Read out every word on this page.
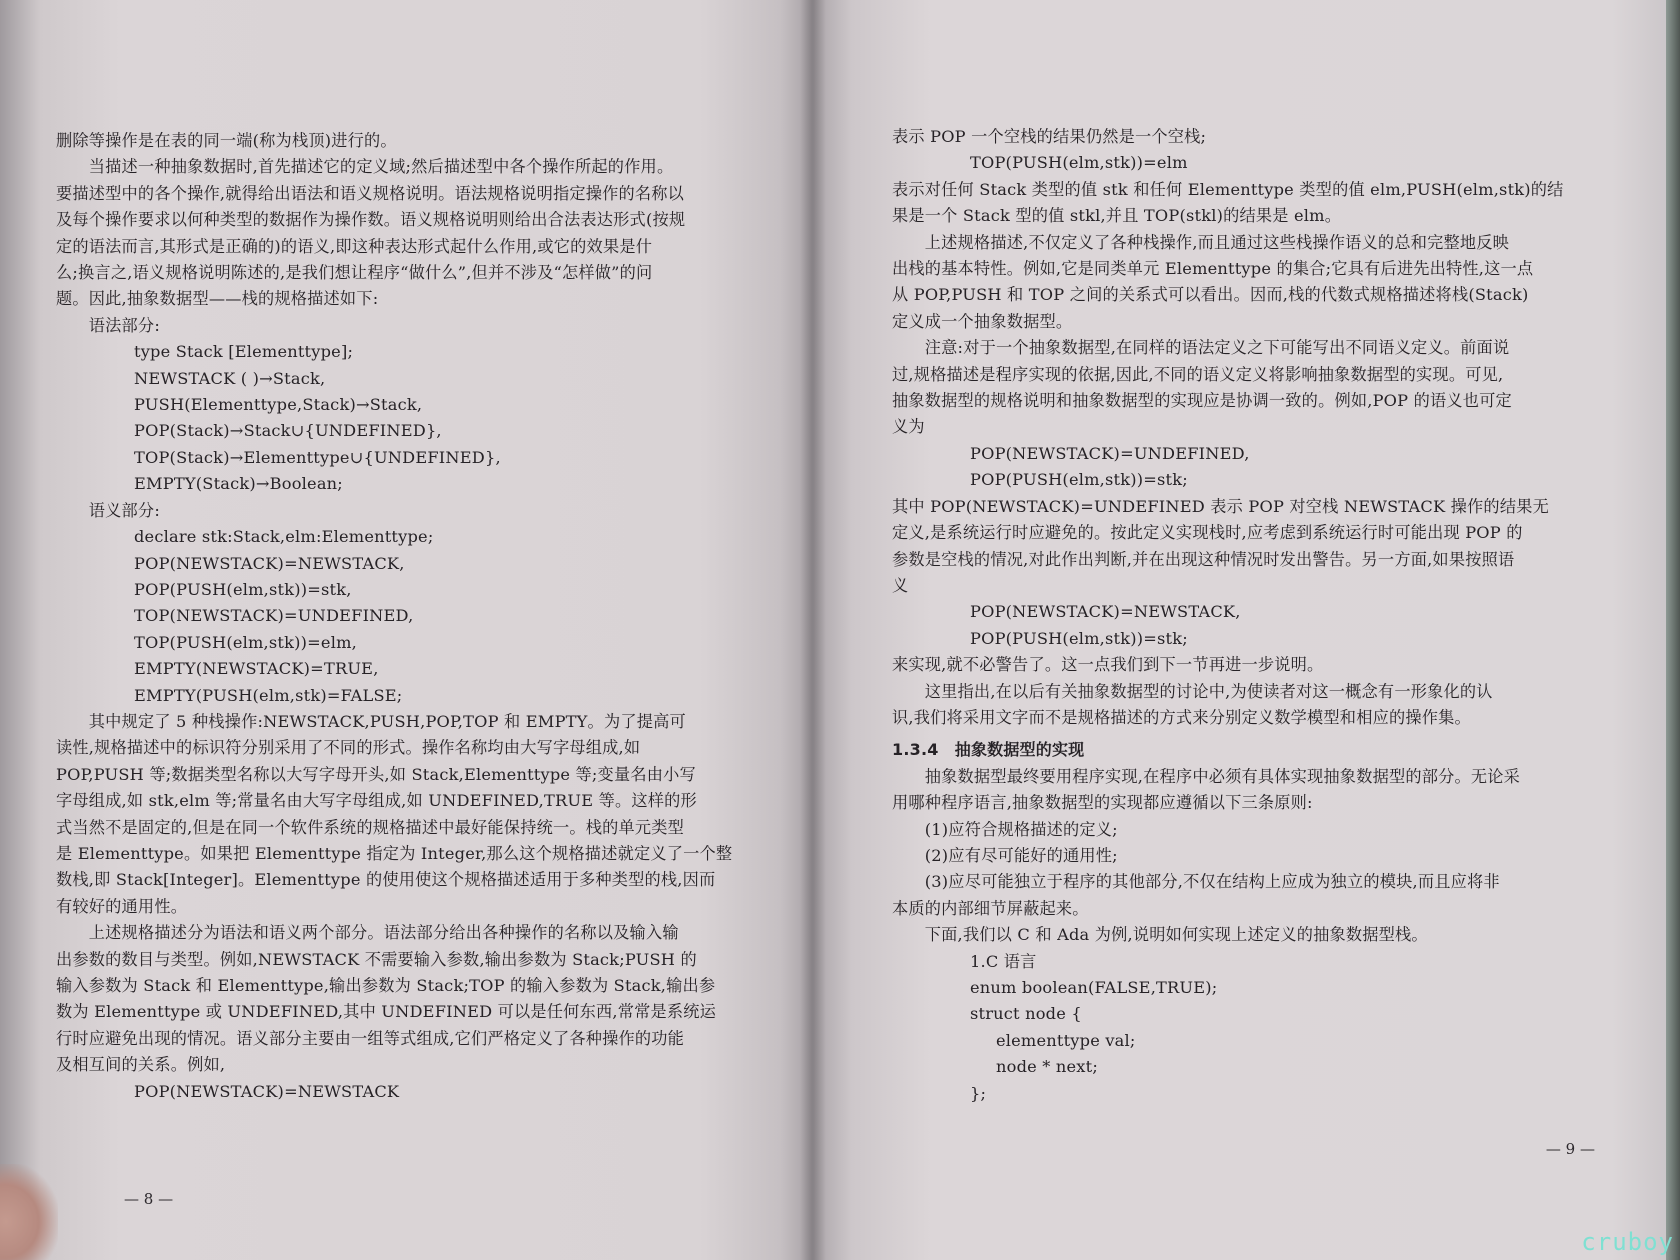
删除等操作是在表的同一端(称为栈顶)进行的。
　　当描述一种抽象数据时,首先描述它的定义域;然后描述型中各个操作所起的作用。
要描述型中的各个操作,就得给出语法和语义规格说明。语法规格说明指定操作的名称以
及每个操作要求以何种类型的数据作为操作数。语义规格说明则给出合法表达形式(按规
定的语法而言,其形式是正确的)的语义,即这种表达形式起什么作用,或它的效果是什
么;换言之,语义规格说明陈述的,是我们想让程序“做什么”,但并不涉及“怎样做”的问
题。因此,抽象数据型——栈的规格描述如下:
　　语法部分:
type Stack [Elementtype];
NEWSTACK ( )→Stack,
PUSH(Elementtype,Stack)→Stack,
POP(Stack)→Stack∪{UNDEFINED},
TOP(Stack)→Elementtype∪{UNDEFINED},
EMPTY(Stack)→Boolean;
　　语义部分:
declare stk:Stack,elm:Elementtype;
POP(NEWSTACK)=NEWSTACK,
POP(PUSH(elm,stk))=stk,
TOP(NEWSTACK)=UNDEFINED,
TOP(PUSH(elm,stk))=elm,
EMPTY(NEWSTACK)=TRUE,
EMPTY(PUSH(elm,stk)=FALSE;
　　其中规定了 5 种栈操作:NEWSTACK,PUSH,POP,TOP 和 EMPTY。为了提高可
读性,规格描述中的标识符分别采用了不同的形式。操作名称均由大写字母组成,如
POP,PUSH 等;数据类型名称以大写字母开头,如 Stack,Elementtype 等;变量名由小写
字母组成,如 stk,elm 等;常量名由大写字母组成,如 UNDEFINED,TRUE 等。这样的形
式当然不是固定的,但是在同一个软件系统的规格描述中最好能保持统一。栈的单元类型
是 Elementtype。如果把 Elementtype 指定为 Integer,那么这个规格描述就定义了一个整
数栈,即 Stack[Integer]。Elementtype 的使用使这个规格描述适用于多种类型的栈,因而
有较好的通用性。
　　上述规格描述分为语法和语义两个部分。语法部分给出各种操作的名称以及输入输
出参数的数目与类型。例如,NEWSTACK 不需要输入参数,输出参数为 Stack;PUSH 的
输入参数为 Stack 和 Elementtype,输出参数为 Stack;TOP 的输入参数为 Stack,输出参
数为 Elementtype 或 UNDEFINED,其中 UNDEFINED 可以是任何东西,常常是系统运
行时应避免出现的情况。语义部分主要由一组等式组成,它们严格定义了各种操作的功能
及相互间的关系。例如,
POP(NEWSTACK)=NEWSTACK
— 8 —
表示 POP 一个空栈的结果仍然是一个空栈;
TOP(PUSH(elm,stk))=elm
表示对任何 Stack 类型的值 stk 和任何 Elementtype 类型的值 elm,PUSH(elm,stk)的结
果是一个 Stack 型的值 stkl,并且 TOP(stkl)的结果是 elm。
　　上述规格描述,不仅定义了各种栈操作,而且通过这些栈操作语义的总和完整地反映
出栈的基本特性。例如,它是同类单元 Elementtype 的集合;它具有后进先出特性,这一点
从 POP,PUSH 和 TOP 之间的关系式可以看出。因而,栈的代数式规格描述将栈(Stack)
定义成一个抽象数据型。
　　注意:对于一个抽象数据型,在同样的语法定义之下可能写出不同语义定义。前面说
过,规格描述是程序实现的依据,因此,不同的语义定义将影响抽象数据型的实现。可见,
抽象数据型的规格说明和抽象数据型的实现应是协调一致的。例如,POP 的语义也可定
义为
POP(NEWSTACK)=UNDEFINED,
POP(PUSH(elm,stk))=stk;
其中 POP(NEWSTACK)=UNDEFINED 表示 POP 对空栈 NEWSTACK 操作的结果无
定义,是系统运行时应避免的。按此定义实现栈时,应考虑到系统运行时可能出现 POP 的
参数是空栈的情况,对此作出判断,并在出现这种情况时发出警告。另一方面,如果按照语
义
POP(NEWSTACK)=NEWSTACK,
POP(PUSH(elm,stk))=stk;
来实现,就不必警告了。这一点我们到下一节再进一步说明。
　　这里指出,在以后有关抽象数据型的讨论中,为使读者对这一概念有一形象化的认
识,我们将采用文字而不是规格描述的方式来分别定义数学模型和相应的操作集。
1.3.4　抽象数据型的实现
　　抽象数据型最终要用程序实现,在程序中必须有具体实现抽象数据型的部分。无论采
用哪种程序语言,抽象数据型的实现都应遵循以下三条原则:
　　(1)应符合规格描述的定义;
　　(2)应有尽可能好的通用性;
　　(3)应尽可能独立于程序的其他部分,不仅在结构上应成为独立的模块,而且应将非
本质的内部细节屏蔽起来。
　　下面,我们以 C 和 Ada 为例,说明如何实现上述定义的抽象数据型栈。
1.C 语言
enum boolean(FALSE,TRUE);
struct node {
elementtype val;
node * next;
};
— 9 —
cruboy
